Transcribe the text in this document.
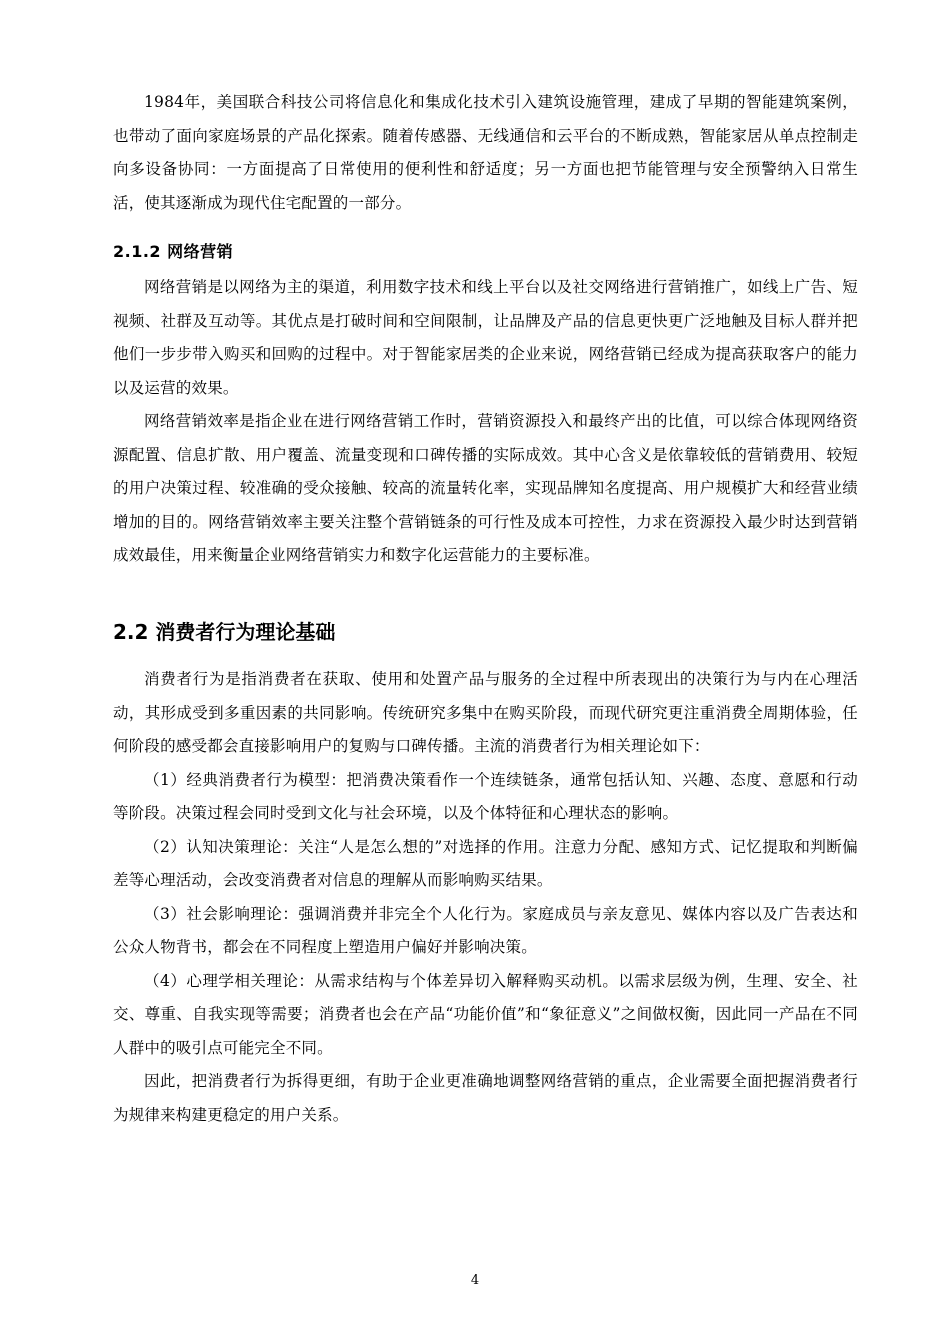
1984年，美国联合科技公司将信息化和集成化技术引入建筑设施管理，建成了早期的智能建筑案例，也带动了面向家庭场景的产品化探索。随着传感器、无线通信和云平台的不断成熟，智能家居从单点控制走向多设备协同：一方面提高了日常使用的便利性和舒适度；另一方面也把节能管理与安全预警纳入日常生活，使其逐渐成为现代住宅配置的一部分。

2.1.2 网络营销

网络营销是以网络为主的渠道，利用数字技术和线上平台以及社交网络进行营销推广，如线上广告、短视频、社群及互动等。其优点是打破时间和空间限制，让品牌及产品的信息更快更广泛地触及目标人群并把他们一步步带入购买和回购的过程中。对于智能家居类的企业来说，网络营销已经成为提高获取客户的能力以及运营的效果。

网络营销效率是指企业在进行网络营销工作时，营销资源投入和最终产出的比值，可以综合体现网络资源配置、信息扩散、用户覆盖、流量变现和口碑传播的实际成效。其中心含义是依靠较低的营销费用、较短的用户决策过程、较准确的受众接触、较高的流量转化率，实现品牌知名度提高、用户规模扩大和经营业绩增加的目的。网络营销效率主要关注整个营销链条的可行性及成本可控性，力求在资源投入最少时达到营销成效最佳，用来衡量企业网络营销实力和数字化运营能力的主要标准。

2.2 消费者行为理论基础

消费者行为是指消费者在获取、使用和处置产品与服务的全过程中所表现出的决策行为与内在心理活动，其形成受到多重因素的共同影响。传统研究多集中在购买阶段，而现代研究更注重消费全周期体验，任何阶段的感受都会直接影响用户的复购与口碑传播。主流的消费者行为相关理论如下：

（1）经典消费者行为模型：把消费决策看作一个连续链条，通常包括认知、兴趣、态度、意愿和行动等阶段。决策过程会同时受到文化与社会环境，以及个体特征和心理状态的影响。

（2）认知决策理论：关注“人是怎么想的”对选择的作用。注意力分配、感知方式、记忆提取和判断偏差等心理活动，会改变消费者对信息的理解从而影响购买结果。

（3）社会影响理论：强调消费并非完全个人化行为。家庭成员与亲友意见、媒体内容以及广告表达和公众人物背书，都会在不同程度上塑造用户偏好并影响决策。

（4）心理学相关理论：从需求结构与个体差异切入解释购买动机。以需求层级为例，生理、安全、社交、尊重、自我实现等需要；消费者也会在产品“功能价值”和“象征意义”之间做权衡，因此同一产品在不同人群中的吸引点可能完全不同。

因此，把消费者行为拆得更细，有助于企业更准确地调整网络营销的重点，企业需要全面把握消费者行为规律来构建更稳定的用户关系。

4
